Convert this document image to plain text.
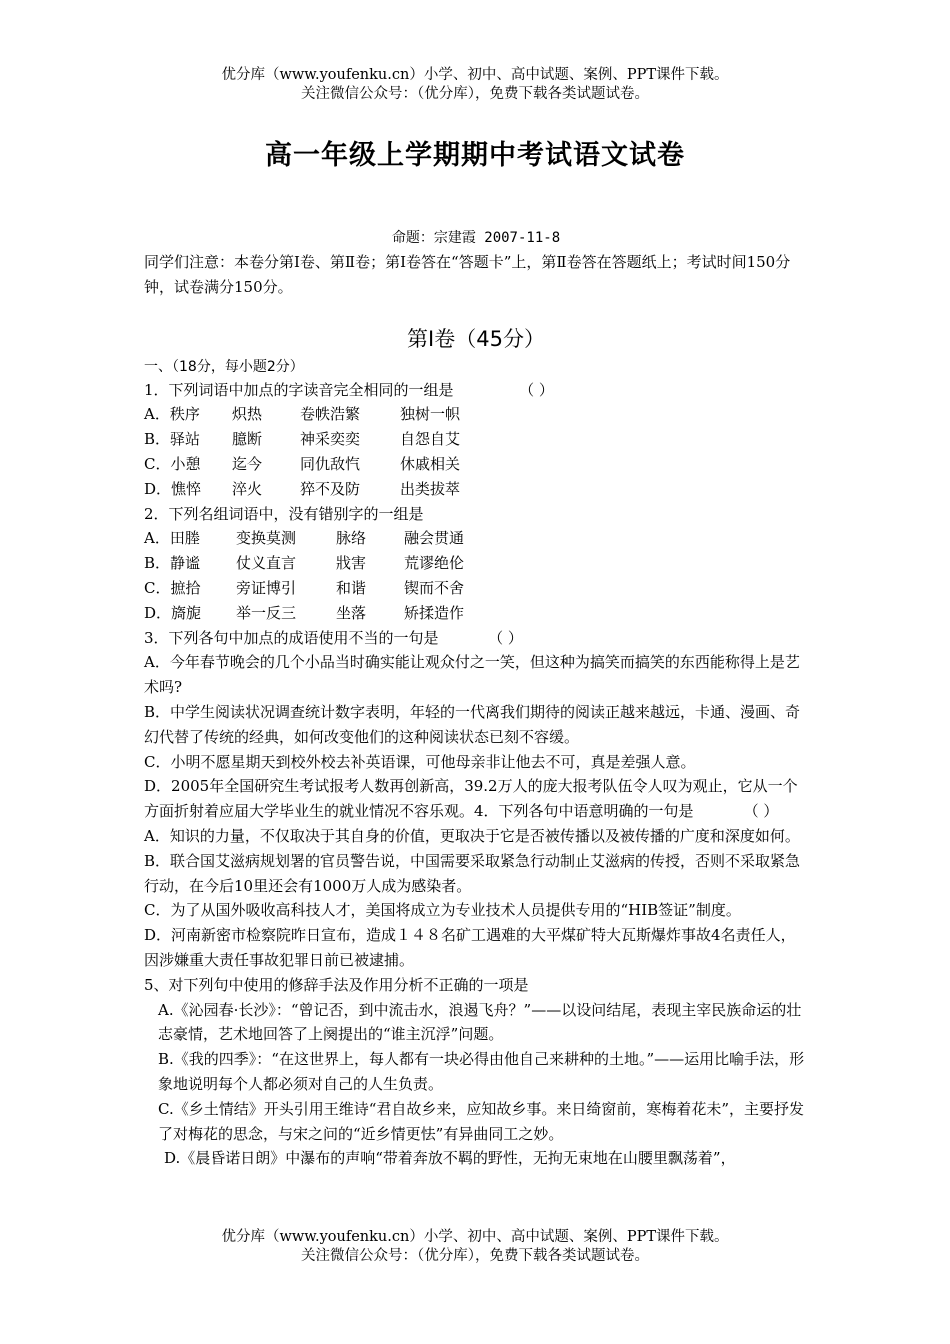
优分库（www.youfenku.cn）小学、初中、高中试题、案例、PPT课件下载。
关注微信公众号：（优分库），免费下载各类试题试卷。
高一年级上学期期中考试语文试卷
命题：宗建霞 2007-11-8
同学们注意：本卷分第Ⅰ卷、第Ⅱ卷；第Ⅰ卷答在“答题卡”上，第Ⅱ卷答在答题纸上；考试时间150分钟，试卷满分150分。
第Ⅰ卷（45分）
一、（18分，每小题2分）
1．下列词语中加点的字读音完全相同的一组是	（ ）
A．秩序 炽热	卷帙浩繁	独树一帜
B．驿站 臆断	神采奕奕	自怨自艾
C．小憩 迄今	同仇敌忾	休戚相关
D．憔悴 淬火	猝不及防	出类拔萃
2．下列名组词语中，没有错别字的一组是
A．田塍 变换莫测	脉络	融会贯通
B．静谧 仗义直言	戕害	荒谬绝伦
C．摭拾 旁证博引	和谐	锲而不舍
D．旖旎 举一反三	坐落	矫揉造作
3．下列各句中加点的成语使用不当的一句是	（ ）
A．今年春节晚会的几个小品当时确实能让观众付之一笑，但这种为搞笑而搞笑的东西能称得上是艺术吗?
B．中学生阅读状况调查统计数字表明，年轻的一代离我们期待的阅读正越来越远，卡通、漫画、奇幻代替了传统的经典，如何改变他们的这种阅读状态已刻不容缓。
C．小明不愿星期天到校外校去补英语课，可他母亲非让他去不可，真是差强人意。
D．2005年全国研究生考试报考人数再创新高，39.2万人的庞大报考队伍令人叹为观止，它从一个方面折射着应届大学毕业生的就业情况不容乐观。4．下列各句中语意明确的一句是	（ ）
A．知识的力量，不仅取决于其自身的价值，更取决于它是否被传播以及被传播的广度和深度如何。
B．联合国艾滋病规划署的官员警告说，中国需要采取紧急行动制止艾滋病的传授，否则不采取紧急行动，在今后10里还会有1000万人成为感染者。
C．为了从国外吸收高科技人才，美国将成立为专业技术人员提供专用的“HIB签证”制度。
D．河南新密市检察院昨日宣布，造成１４８名矿工遇难的大平煤矿特大瓦斯爆炸事故4名责任人，因涉嫌重大责任事故犯罪日前已被逮捕。
5、对下列句中使用的修辞手法及作用分析不正确的一项是
A.《沁园春·长沙》：“曾记否，到中流击水，浪遏飞舟？”——以设问结尾，表现主宰民族命运的壮志豪情，艺术地回答了上阕提出的“谁主沉浮”问题。
B.《我的四季》：“在这世界上，每人都有一块必得由他自己来耕种的土地。”——运用比喻手法，形象地说明每个人都必须对自己的人生负责。
C.《乡土情结》开头引用王维诗“君自故乡来，应知故乡事。来日绮窗前，寒梅着花未”，主要抒发了对梅花的思念，与宋之问的“近乡情更怯”有异曲同工之妙。
D.《晨昏诺日朗》中瀑布的声响“带着奔放不羁的野性，无拘无束地在山腰里飘荡着”，
优分库（www.youfenku.cn）小学、初中、高中试题、案例、PPT课件下载。
关注微信公众号：（优分库），免费下载各类试题试卷。
